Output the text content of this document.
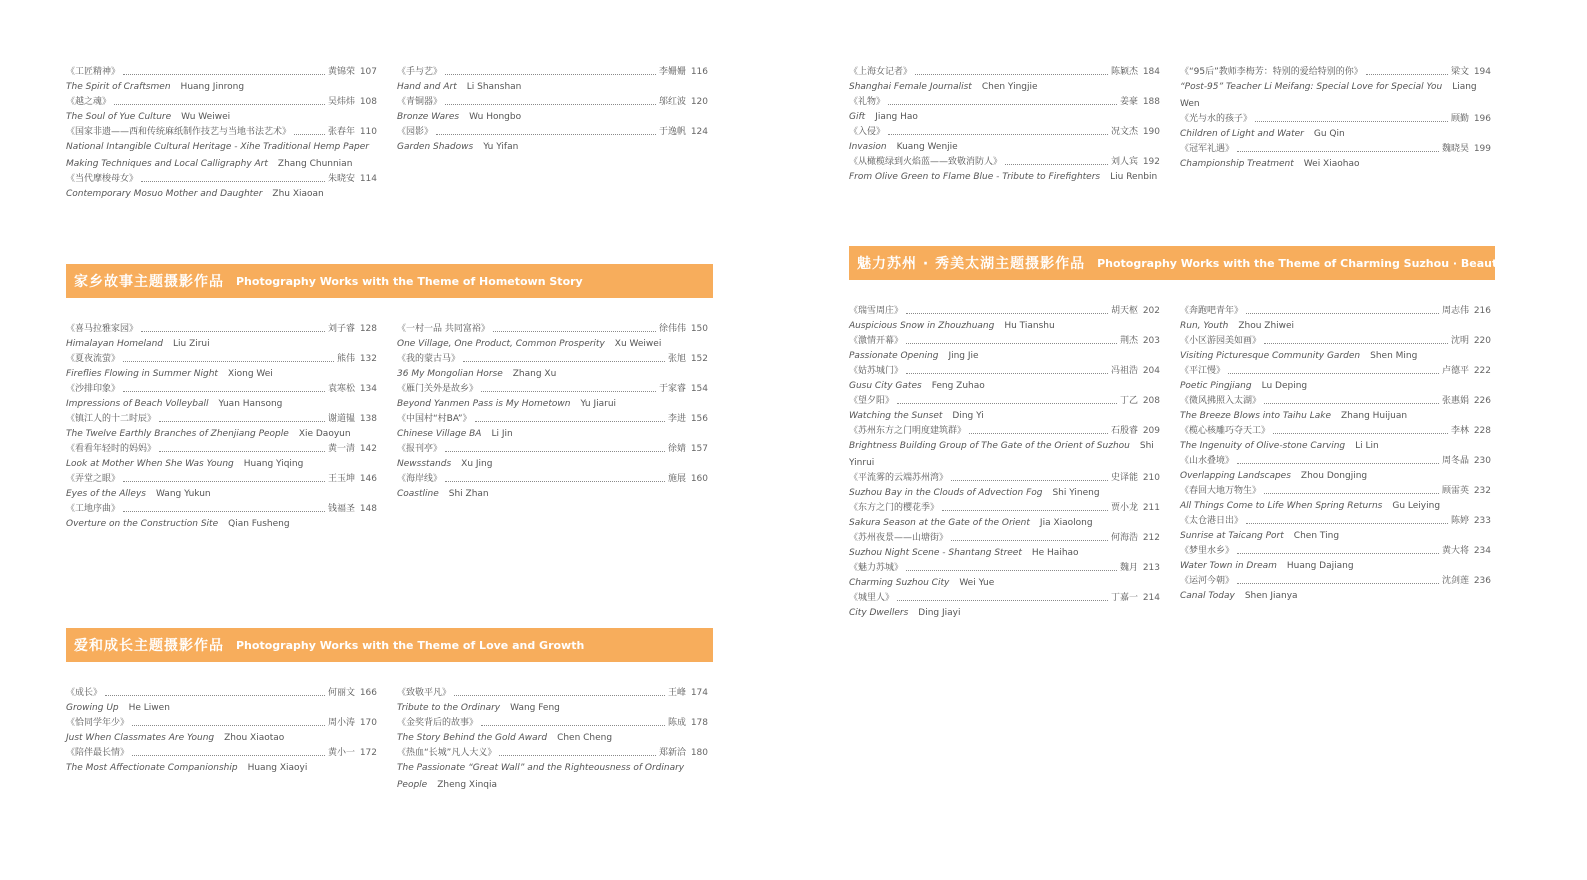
《工匠精神》	黄锦荣 107
The Spirit of Craftsmen Huang Jinrong
《越之魂》	吴炜炜 108
The Soul of Yue Culture Wu Weiwei
《国家非遗——西和传统麻纸制作技艺与当地书法艺术》	张春年 110
National Intangible Cultural Heritage - Xihe Traditional Hemp Paper Making Techniques and Local Calligraphy Art Zhang Chunnian
《当代摩梭母女》	朱晓安 114
Contemporary Mosuo Mother and Daughter Zhu Xiaoan
《手与艺》	李姗姗 116
Hand and Art Li Shanshan
《青铜器》	邬红波 120
Bronze Wares Wu Hongbo
《园影》	于逸帆 124
Garden Shadows Yu Yifan
家乡故事主题摄影作品 Photography Works with the Theme of Hometown Story
《喜马拉雅家园》	刘子睿 128
Himalayan Homeland Liu Zirui
《夏夜流萤》	熊伟 132
Fireflies Flowing in Summer Night Xiong Wei
《沙排印象》	袁寒松 134
Impressions of Beach Volleyball Yuan Hansong
《镇江人的十二时辰》	谢道韫 138
The Twelve Earthly Branches of Zhenjiang People Xie Daoyun
《看看年轻时的妈妈》	黄一清 142
Look at Mother When She Was Young Huang Yiqing
《弄堂之眼》	王玉坤 146
Eyes of the Alleys Wang Yukun
《工地序曲》	钱福圣 148
Overture on the Construction Site Qian Fusheng
《一村一品 共同富裕》	徐伟伟 150
One Village, One Product, Common Prosperity Xu Weiwei
《我的蒙古马》	张旭 152
36 My Mongolian Horse Zhang Xu
《雁门关外是故乡》	于家睿 154
Beyond Yanmen Pass is My Hometown Yu Jiarui
《中国村“村BA”》	李进 156
Chinese Village BA Li Jin
《报刊亭》	徐婧 157
Newsstands Xu Jing
《海岸线》	施展 160
Coastline Shi Zhan
爱和成长主题摄影作品 Photography Works with the Theme of Love and Growth
《成长》	何丽文 166
Growing Up He Liwen
《恰同学年少》	周小涛 170
Just When Classmates Are Young Zhou Xiaotao
《陪伴最长情》	黄小一 172
The Most Affectionate Companionship Huang Xiaoyi
《致敬平凡》	王峰 174
Tribute to the Ordinary Wang Feng
《金奖背后的故事》	陈成 178
The Story Behind the Gold Award Chen Cheng
《热血“长城”凡人大义》	郑新洽 180
The Passionate “Great Wall” and the Righteousness of Ordinary People Zheng Xinqia
《上海女记者》	陈颖杰 184
Shanghai Female Journalist Chen Yingjie
《礼物》	姜豪 188
Gift Jiang Hao
《入侵》	况文杰 190
Invasion Kuang Wenjie
《从橄榄绿到火焰蓝——致敬消防人》	刘人宾 192
From Olive Green to Flame Blue - Tribute to Firefighters Liu Renbin
《“95后”教师李梅芳：特别的爱给特别的你》	梁文 194
“Post-95” Teacher Li Meifang: Special Love for Special You Liang Wen
《光与水的孩子》	顾勤 196
Children of Light and Water Gu Qin
《冠军礼遇》	魏晓昊 199
Championship Treatment Wei Xiaohao
魅力苏州 · 秀美太湖主题摄影作品 Photography Works with the Theme of Charming Suzhou · Beautiful Taihu Lake
《瑞雪周庄》	胡天枢 202
Auspicious Snow in Zhouzhuang Hu Tianshu
《激情开幕》	荆杰 203
Passionate Opening Jing Jie
《姑苏城门》	冯祖浩 204
Gusu City Gates Feng Zuhao
《望夕阳》	丁乙 208
Watching the Sunset Ding Yi
《苏州东方之门明度建筑群》	石殷睿 209
Brightness Building Group of The Gate of the Orient of Suzhou Shi Yinrui
《平流雾的云端苏州湾》	史译能 210
Suzhou Bay in the Clouds of Advection Fog Shi Yineng
《东方之门的樱花季》	贾小龙 211
Sakura Season at the Gate of the Orient Jia Xiaolong
《苏州夜景——山塘街》	何海浩 212
Suzhou Night Scene - Shantang Street He Haihao
《魅力苏城》	魏月 213
Charming Suzhou City Wei Yue
《城里人》	丁嘉一 214
City Dwellers Ding Jiayi
《奔跑吧青年》	周志伟 216
Run, Youth Zhou Zhiwei
《小区游园美如画》	沈明 220
Visiting Picturesque Community Garden Shen Ming
《平江慢》	卢德平 222
Poetic Pingjiang Lu Deping
《微风拂照入太湖》	张惠娟 226
The Breeze Blows into Taihu Lake Zhang Huijuan
《榄心核雕巧夺天工》	李林 228
The Ingenuity of Olive-stone Carving Li Lin
《山水叠境》	周冬晶 230
Overlapping Landscapes Zhou Dongjing
《春回大地万物生》	顾雷英 232
All Things Come to Life When Spring Returns Gu Leiying
《太仓港日出》	陈婷 233
Sunrise at Taicang Port Chen Ting
《梦里水乡》	黄大将 234
Water Town in Dream Huang Dajiang
《运河今朝》	沈剑莲 236
Canal Today Shen Jianya
